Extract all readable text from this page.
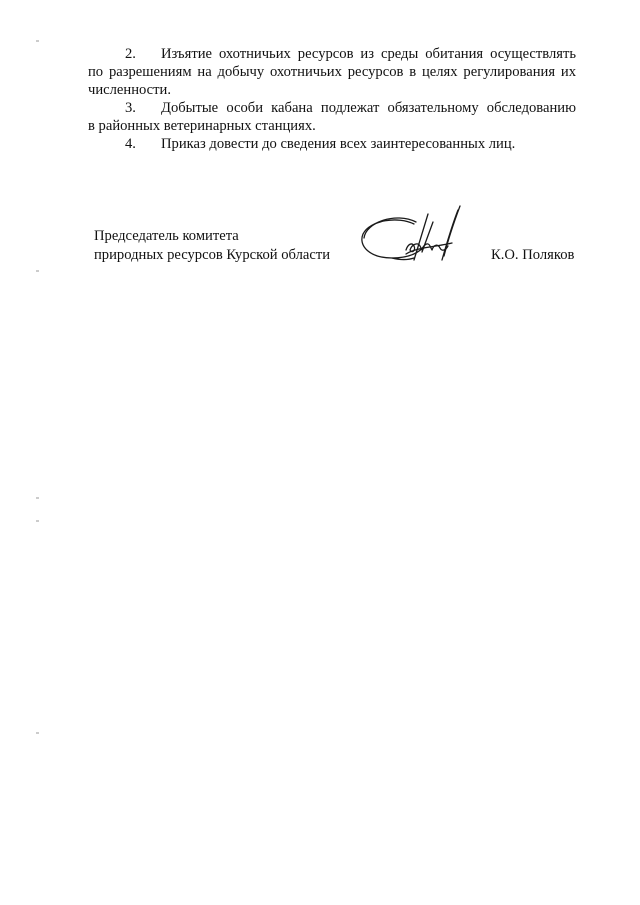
2.	Изъятие охотничьих ресурсов из среды обитания осуществлять
по разрешениям на добычу охотничьих ресурсов в целях регулирования их
численности.
3.	Добытые особи кабана подлежат обязательному обследованию
в районных ветеринарных станциях.
4.	Приказ довести до сведения всех заинтересованных лиц.
Председатель комитета
природных ресурсов Курской области	К.О. Поляков
